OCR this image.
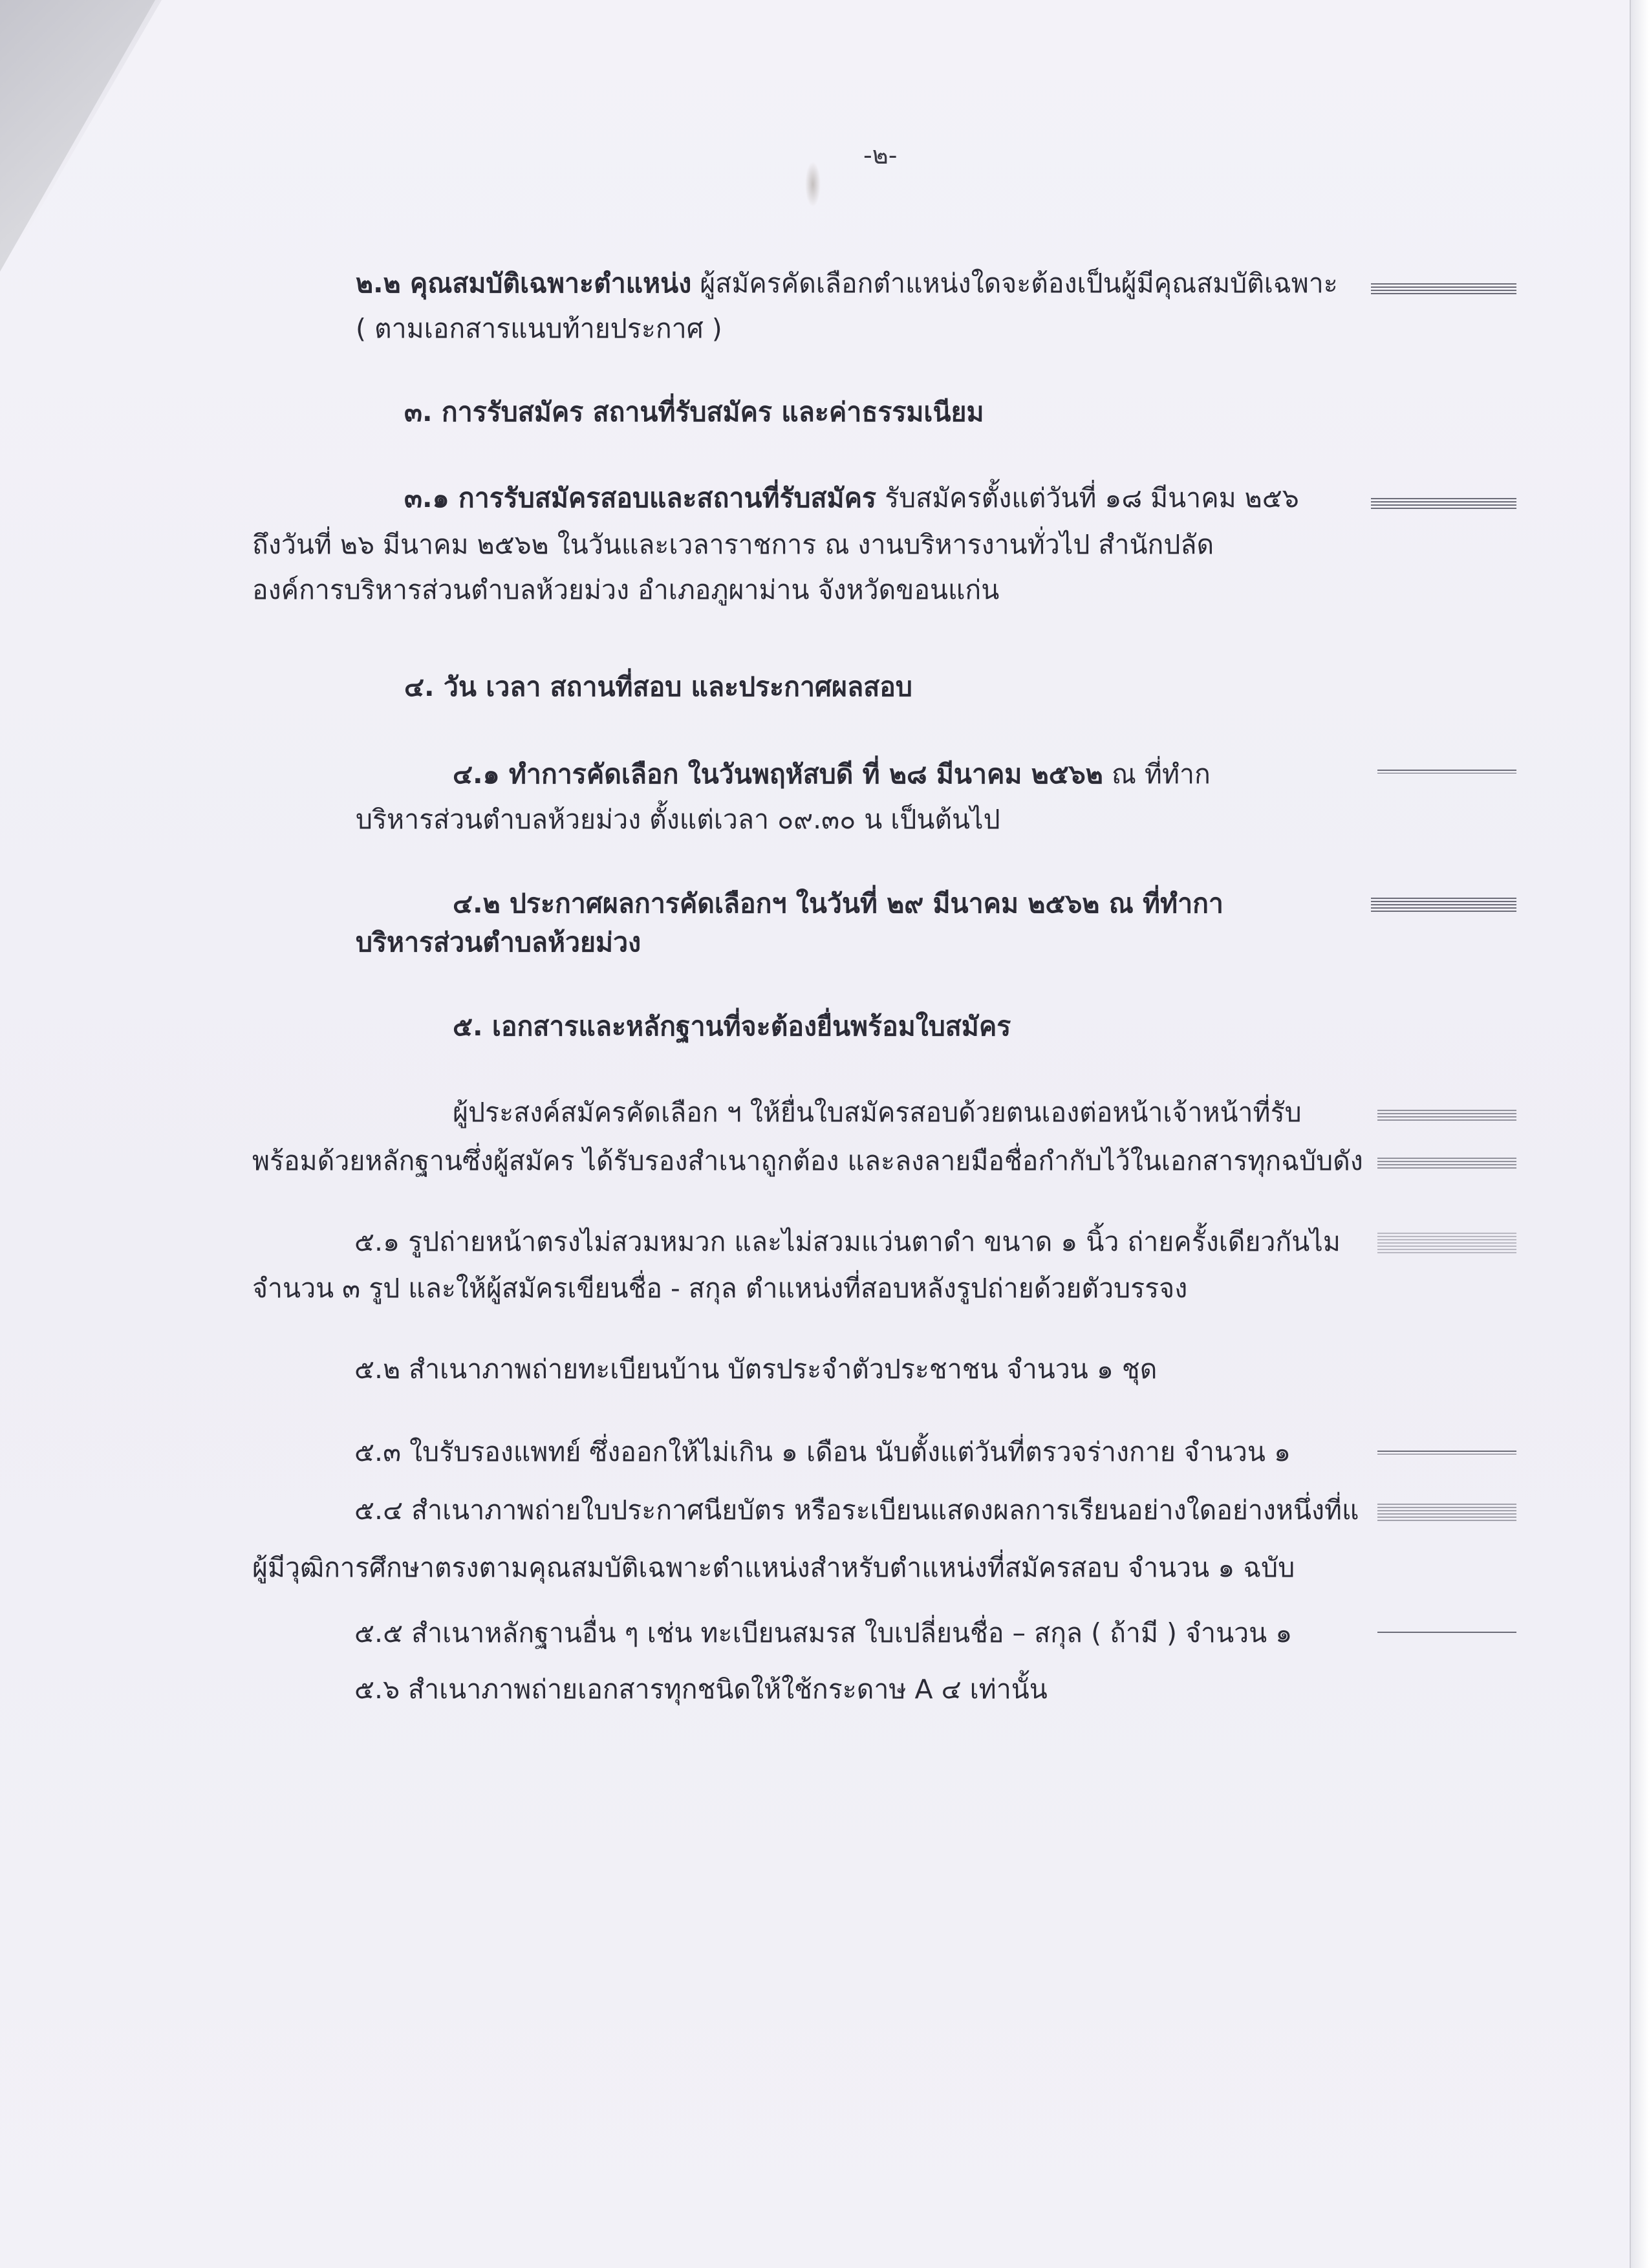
-๒-
๒.๒ คุณสมบัติเฉพาะตำแหน่ง ผู้สมัครคัดเลือกตำแหน่งใดจะต้องเป็นผู้มีคุณสมบัติเฉพาะ
( ตามเอกสารแนบท้ายประกาศ )
๓. การรับสมัคร สถานที่รับสมัคร และค่าธรรมเนียม
๓.๑ การรับสมัครสอบและสถานที่รับสมัคร รับสมัครตั้งแต่วันที่ ๑๘ มีนาคม ๒๕๖
ถึงวันที่ ๒๖ มีนาคม ๒๕๖๒ ในวันและเวลาราชการ ณ งานบริหารงานทั่วไป สำนักปลัด
องค์การบริหารส่วนตำบลห้วยม่วง อำเภอภูผาม่าน จังหวัดขอนแก่น
๔. วัน เวลา สถานที่สอบ และประกาศผลสอบ
๔.๑ ทำการคัดเลือก ในวันพฤหัสบดี ที่ ๒๘ มีนาคม ๒๕๖๒ ณ ที่ทำก
บริหารส่วนตำบลห้วยม่วง ตั้งแต่เวลา ๐๙.๓๐ น เป็นต้นไป
๔.๒ ประกาศผลการคัดเลือกฯ ในวันที่ ๒๙ มีนาคม ๒๕๖๒ ณ ที่ทำกา
บริหารส่วนตำบลห้วยม่วง
๕. เอกสารและหลักฐานที่จะต้องยื่นพร้อมใบสมัคร
ผู้ประสงค์สมัครคัดเลือก ฯ ให้ยื่นใบสมัครสอบด้วยตนเองต่อหน้าเจ้าหน้าที่รับ
พร้อมด้วยหลักฐานซึ่งผู้สมัคร ได้รับรองสำเนาถูกต้อง และลงลายมือชื่อกำกับไว้ในเอกสารทุกฉบับดัง
๕.๑ รูปถ่ายหน้าตรงไม่สวมหมวก และไม่สวมแว่นตาดำ ขนาด ๑ นิ้ว ถ่ายครั้งเดียวกันไม
จำนวน ๓ รูป และให้ผู้สมัครเขียนชื่อ - สกุล ตำแหน่งที่สอบหลังรูปถ่ายด้วยตัวบรรจง
๕.๒ สำเนาภาพถ่ายทะเบียนบ้าน บัตรประจำตัวประชาชน จำนวน ๑ ชุด
๕.๓ ใบรับรองแพทย์ ซึ่งออกให้ไม่เกิน ๑ เดือน นับตั้งแต่วันที่ตรวจร่างกาย จำนวน ๑
๕.๔ สำเนาภาพถ่ายใบประกาศนียบัตร หรือระเบียนแสดงผลการเรียนอย่างใดอย่างหนึ่งที่แ
ผู้มีวุฒิการศึกษาตรงตามคุณสมบัติเฉพาะตำแหน่งสำหรับตำแหน่งที่สมัครสอบ จำนวน ๑ ฉบับ
๕.๕ สำเนาหลักฐานอื่น ๆ เช่น ทะเบียนสมรส ใบเปลี่ยนชื่อ – สกุล ( ถ้ามี ) จำนวน ๑
๕.๖ สำเนาภาพถ่ายเอกสารทุกชนิดให้ใช้กระดาษ A ๔ เท่านั้น
